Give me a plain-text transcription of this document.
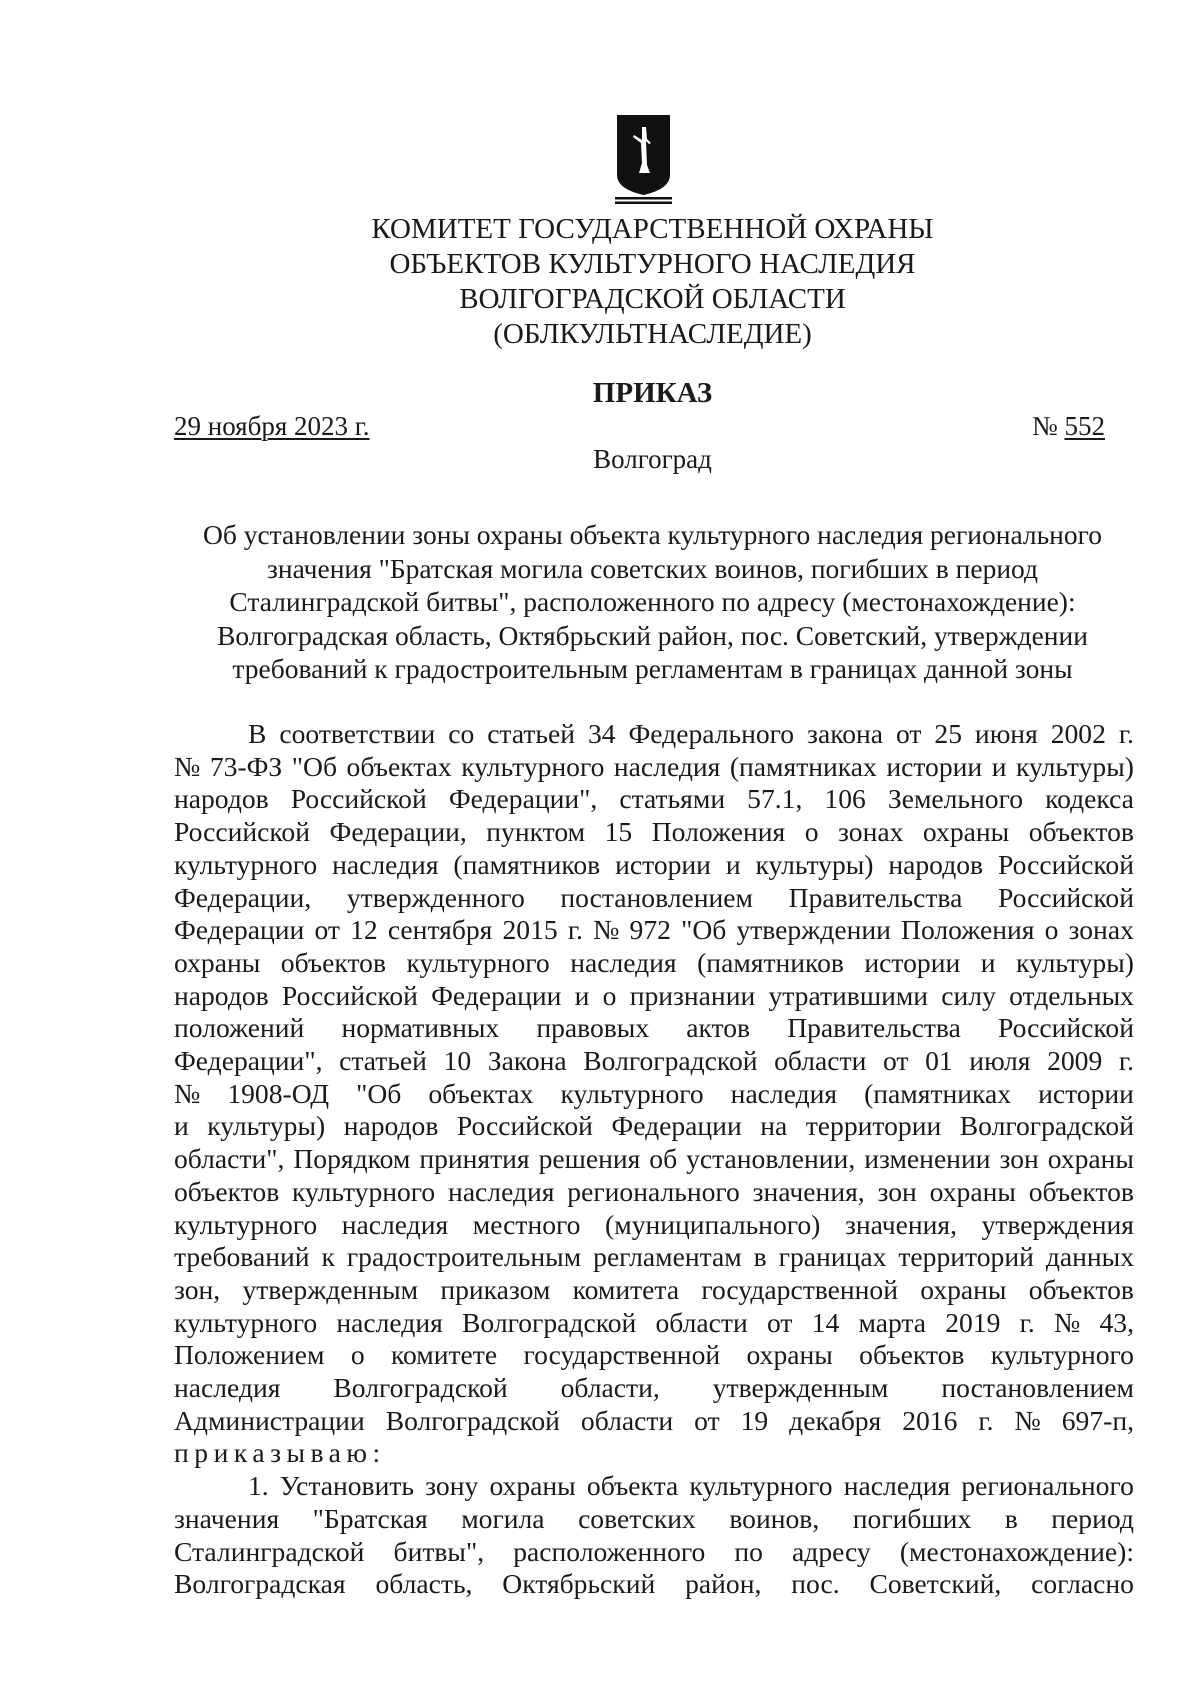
КОМИТЕТ ГОСУДАРСТВЕННОЙ ОХРАНЫ
ОБЪЕКТОВ КУЛЬТУРНОГО НАСЛЕДИЯ
ВОЛГОГРАДСКОЙ ОБЛАСТИ
(ОБЛКУЛЬТНАСЛЕДИЕ)
ПРИКАЗ
29 ноября 2023 г.	№ 552
Волгоград
Об установлении зоны охраны объекта культурного наследия регионального
значения "Братская могила советских воинов, погибших в период
Сталинградской битвы", расположенного по адресу (местонахождение):
Волгоградская область, Октябрьский район, пос. Советский, утверждении
требований к градостроительным регламентам в границах данной зоны
В соответствии со статьей 34 Федерального закона от 25 июня 2002 г.
№ 73-ФЗ "Об объектах культурного наследия (памятниках истории и культуры)
народов Российской Федерации", статьями 57.1, 106 Земельного кодекса
Российской Федерации, пунктом 15 Положения о зонах охраны объектов
культурного наследия (памятников истории и культуры) народов Российской
Федерации, утвержденного постановлением Правительства Российской
Федерации от 12 сентября 2015 г. № 972 "Об утверждении Положения о зонах
охраны объектов культурного наследия (памятников истории и культуры)
народов Российской Федерации и о признании утратившими силу отдельных
положений нормативных правовых актов Правительства Российской
Федерации", статьей 10 Закона Волгоградской области от 01 июля 2009 г.
№ 1908-ОД "Об объектах культурного наследия (памятниках истории
и культуры) народов Российской Федерации на территории Волгоградской
области", Порядком принятия решения об установлении, изменении зон охраны
объектов культурного наследия регионального значения, зон охраны объектов
культурного наследия местного (муниципального) значения, утверждения
требований к градостроительным регламентам в границах территорий данных
зон, утвержденным приказом комитета государственной охраны объектов
культурного наследия Волгоградской области от 14 марта 2019 г. № 43,
Положением о комитете государственной охраны объектов культурного
наследия Волгоградской области, утвержденным постановлением
Администрации Волгоградской области от 19 декабря 2016 г. № 697-п,
приказываю:
1. Установить зону охраны объекта культурного наследия регионального
значения "Братская могила советских воинов, погибших в период
Сталинградской битвы", расположенного по адресу (местонахождение):
Волгоградская область, Октябрьский район, пос. Советский, согласно
